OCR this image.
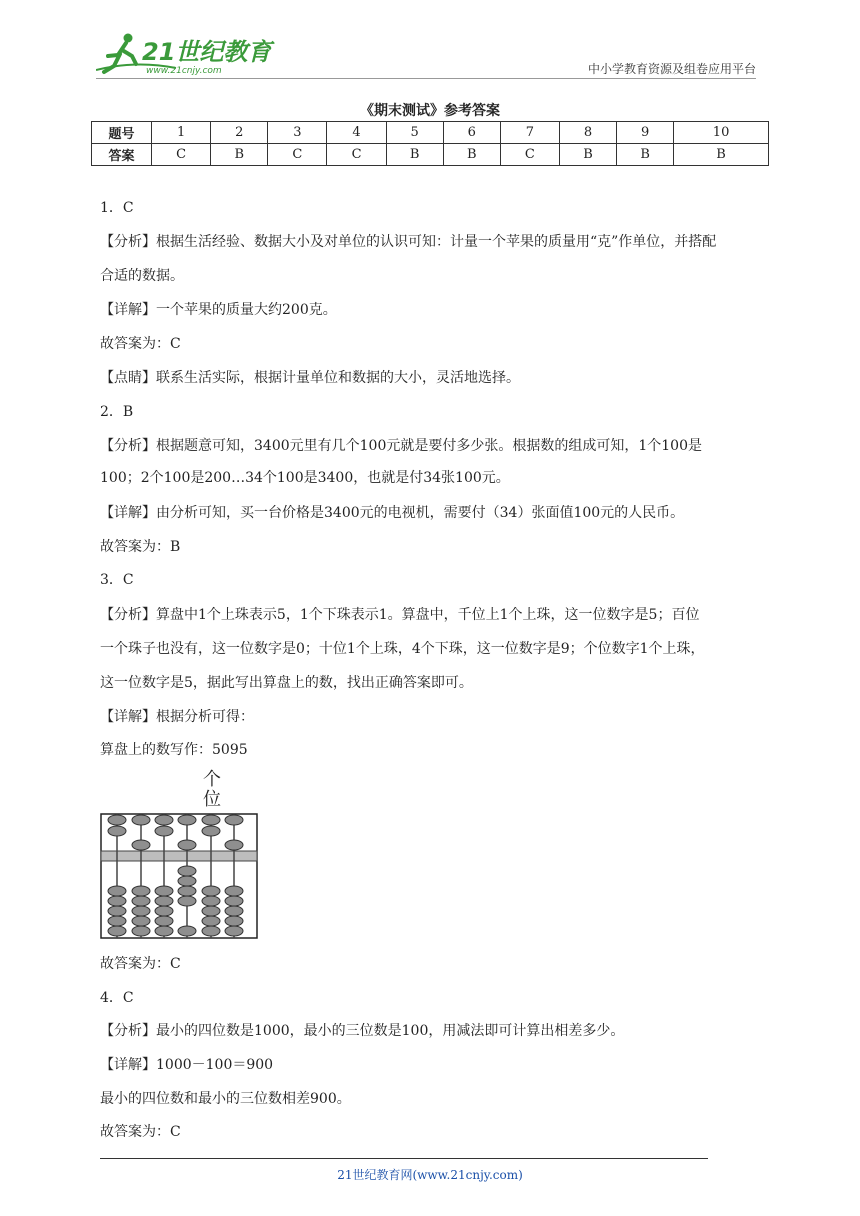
21世纪教育
www.21cnjy.com	中小学教育资源及组卷应用平台
《期末测试》参考答案
题号	1	2	3	4	5	6	7	8	9	10
答案	C	B	C	C	B	B	C	B	B	B
1．C
【分析】根据生活经验、数据大小及对单位的认识可知：计量一个苹果的质量用“克”作单位，并搭配
合适的数据。
【详解】一个苹果的质量大约200克。
故答案为：C
【点睛】联系生活实际，根据计量单位和数据的大小，灵活地选择。
2．B
【分析】根据题意可知，3400元里有几个100元就是要付多少张。根据数的组成可知，1个100是
100；2个100是200…34个100是3400，也就是付34张100元。
【详解】由分析可知，买一台价格是3400元的电视机，需要付（34）张面值100元的人民币。
故答案为：B
3．C
【分析】算盘中1个上珠表示5，1个下珠表示1。算盘中，千位上1个上珠，这一位数字是5；百位
一个珠子也没有，这一位数字是0；十位1个上珠，4个下珠，这一位数字是9；个位数字1个上珠，
这一位数字是5，据此写出算盘上的数，找出正确答案即可。
【详解】根据分析可得：
算盘上的数写作：5095
个
位
故答案为：C
4．C
【分析】最小的四位数是1000，最小的三位数是100，用减法即可计算出相差多少。
【详解】1000－100＝900
最小的四位数和最小的三位数相差900。
故答案为：C
21世纪教育网(www.21cnjy.com)
